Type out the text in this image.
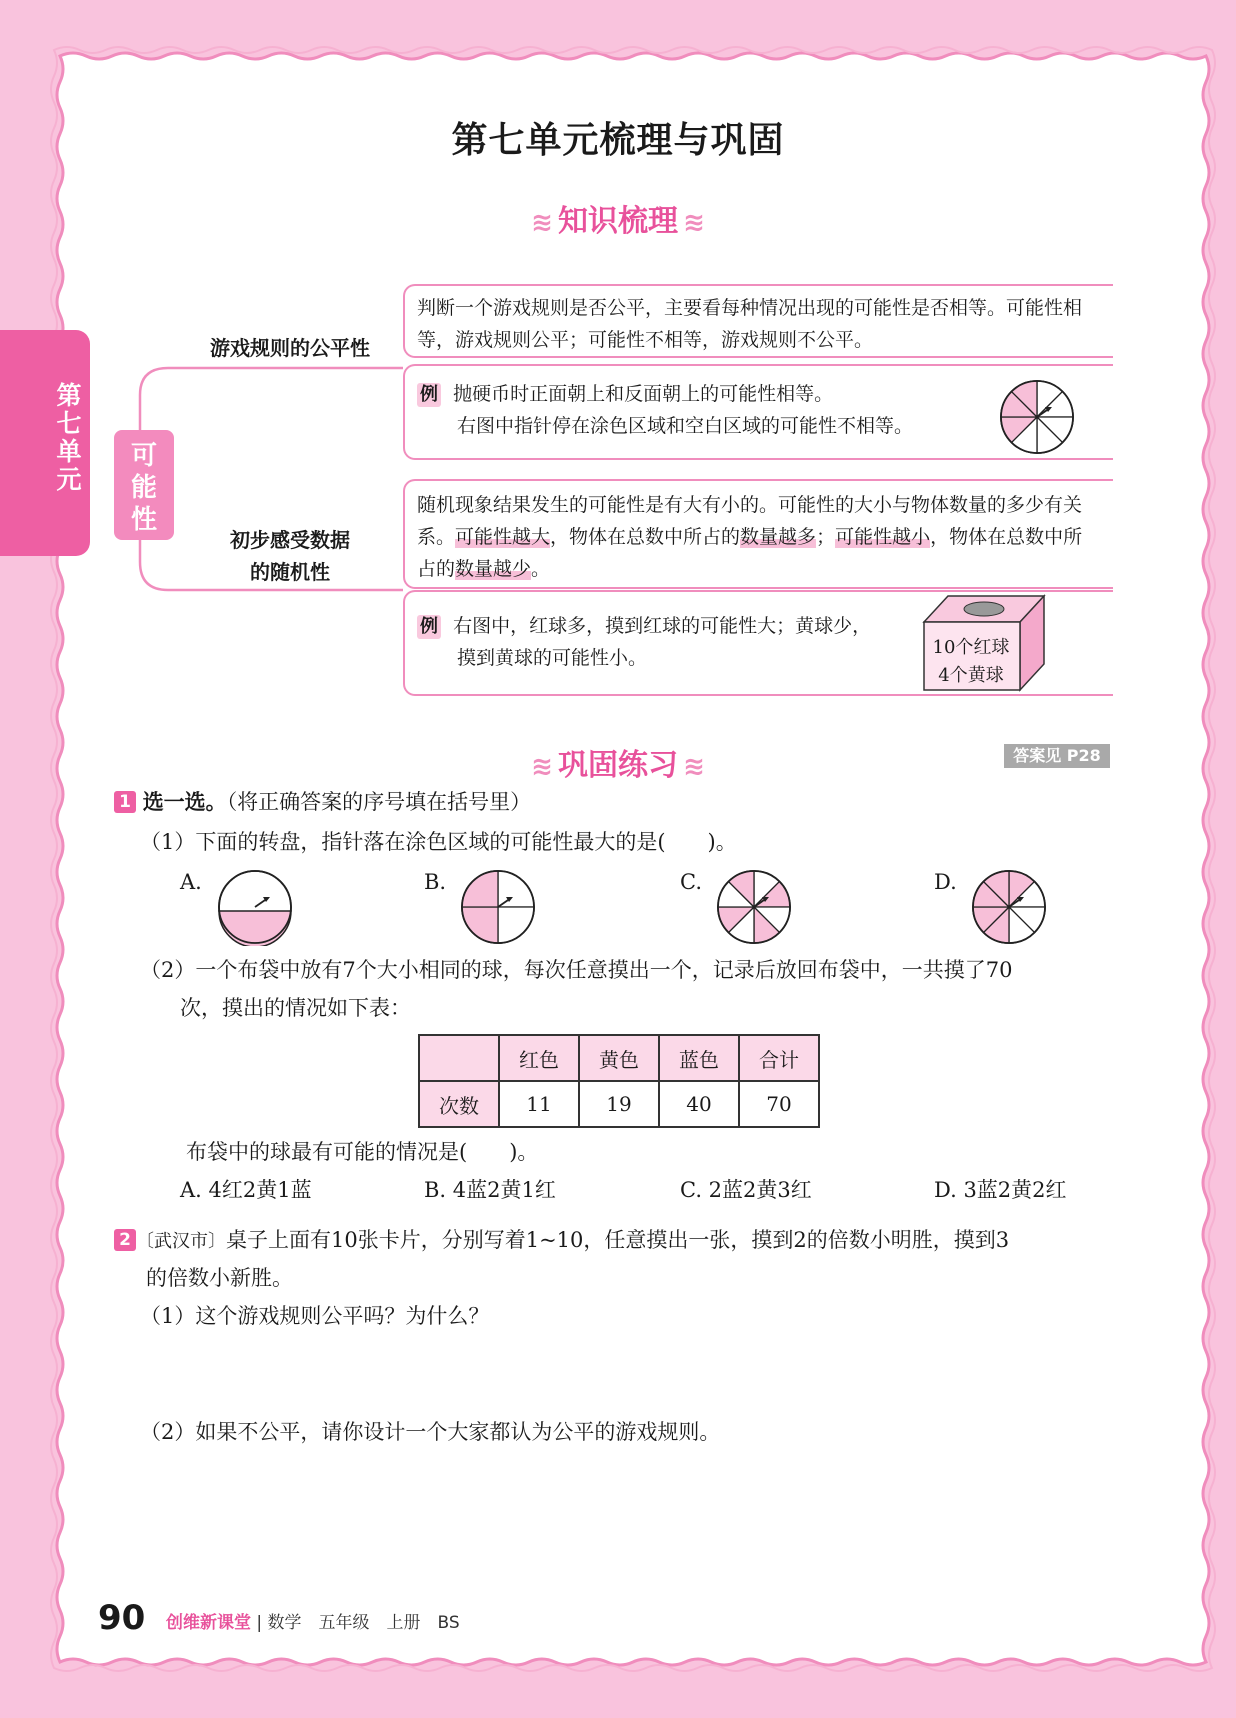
第七单元
第七单元梳理与巩固
≋ 知识梳理 ≋
可能性
游戏规则的公平性
初步感受数据
的随机性

判断一个游戏规则是否公平，主要看每种情况出现的可能性是否相等。可能性相等，游戏规则公平；可能性不相等，游戏规则不公平。

例 抛硬币时正面朝上和反面朝上的可能性相等。

右图中指针停在涂色区域和空白区域的可能性不相等。

随机现象结果发生的可能性是有大有小的。可能性的大小与物体数量的多少有关系。可能性越大，物体在总数中所占的数量越多；可能性越小，物体在总数中所占的数量越少。

例 右图中，红球多，摸到红球的可能性大；黄球少，

摸到黄球的可能性小。	10个红球
4个黄球
≋ 巩固练习 ≋	答案见 P28
1 选一选。（将正确答案的序号填在括号里）
（1）下面的转盘，指针落在涂色区域的可能性最大的是(　　)。
A.	B.	C.	D.
（2）一个布袋中放有7个大小相同的球，每次任意摸出一个，记录后放回布袋中，一共摸了70
次，摸出的情况如下表：
	红色	黄色	蓝色	合计
次数	11	19	40	70
布袋中的球最有可能的情况是(　　)。
A. 4红2黄1蓝	B. 4蓝2黄1红	C. 2蓝2黄3红	D. 3蓝2黄2红
2 〔武汉市〕桌子上面有10张卡片，分别写着1~10，任意摸出一张，摸到2的倍数小明胜，摸到3
的倍数小新胜。
（1）这个游戏规则公平吗？为什么？
（2）如果不公平，请你设计一个大家都认为公平的游戏规则。
90 创维新课堂 | 数学　五年级　上册　BS
